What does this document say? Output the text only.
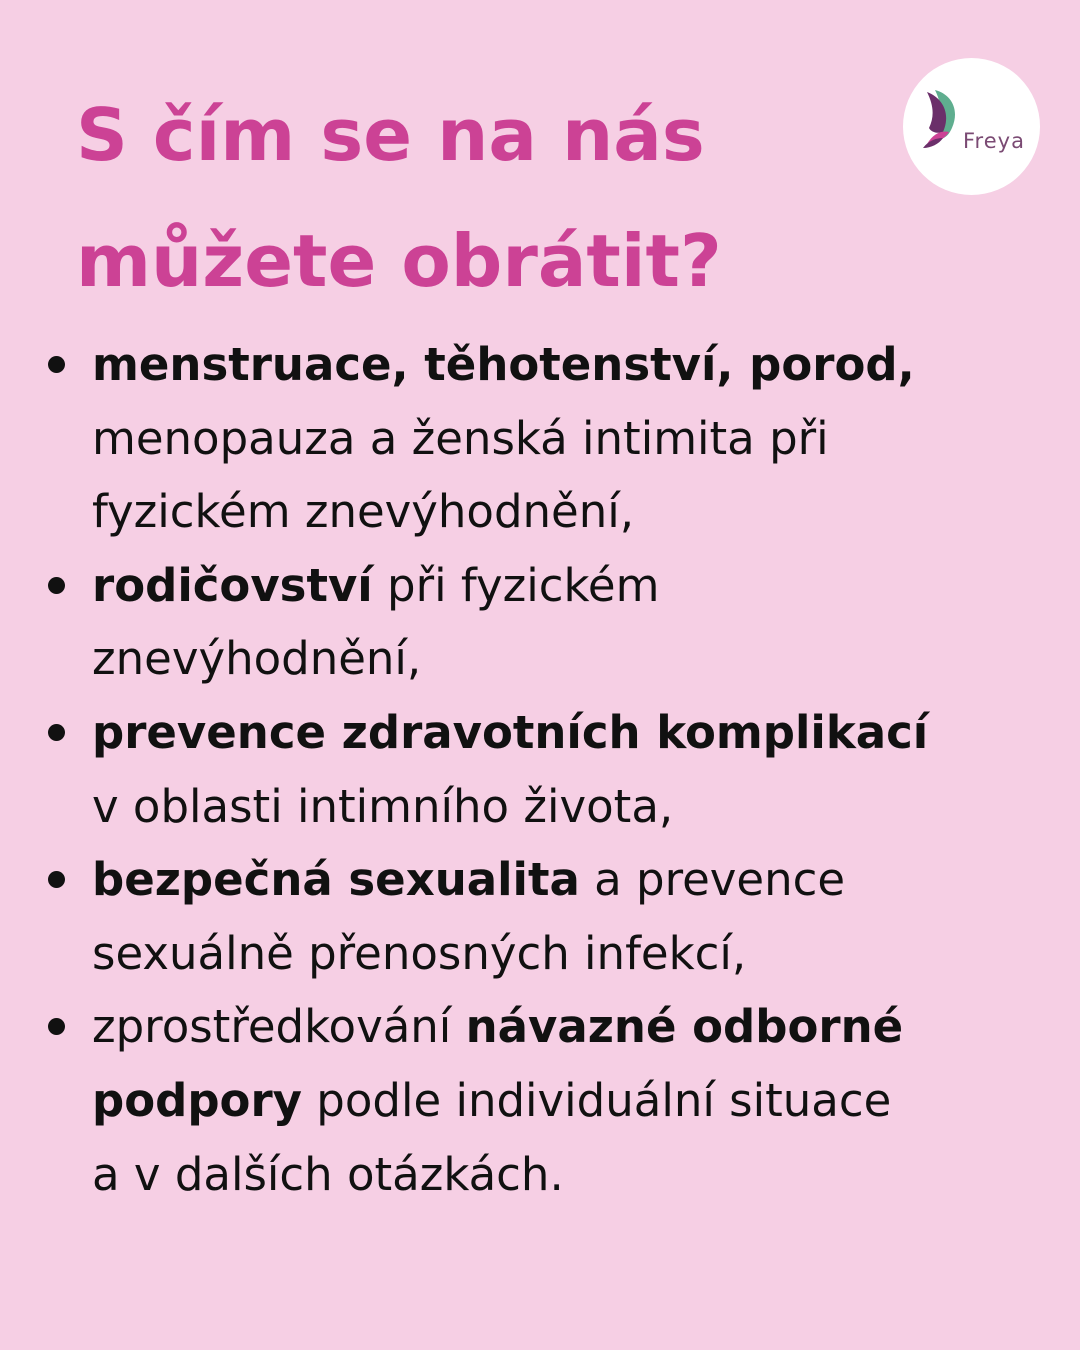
S čím se na nás
můžete obrátit?
Freya
menstruace, těhotenství, porod,
menopauza a ženská intimita při
fyzickém znevýhodnění,
rodičovství při fyzickém
znevýhodnění,
prevence zdravotních komplikací
v oblasti intimního života,
bezpečná sexualita a prevence
sexuálně přenosných infekcí,
zprostředkování návazné odborné
podpory podle individuální situace
a v dalších otázkách.
